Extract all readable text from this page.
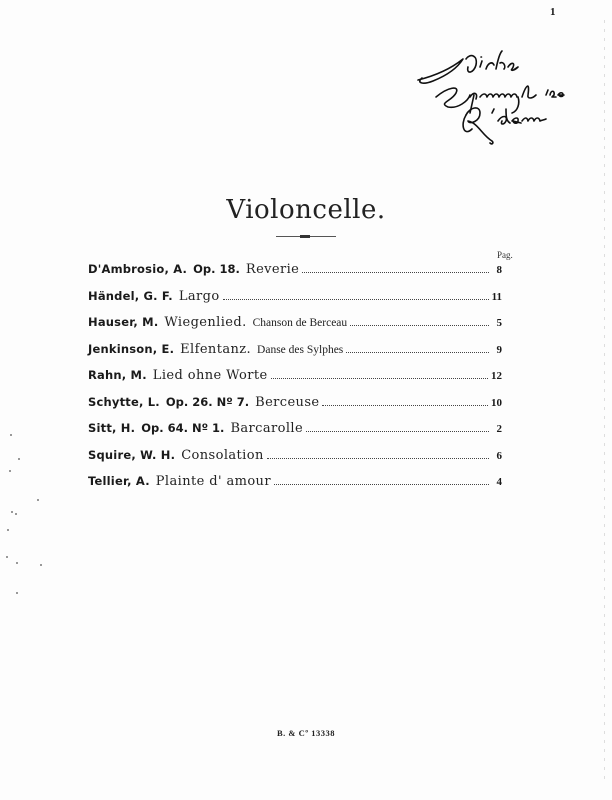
1
Violoncelle.
Pag.
D'Ambrosio, A. Op. 18. Reverie	8
Händel, G. F. Largo	11
Hauser, M. Wiegenlied. Chanson de Berceau	5
Jenkinson, E. Elfentanz. Danse des Sylphes	9
Rahn, M. Lied ohne Worte	12
Schytte, L. Op. 26. Nº 7. Berceuse	10
Sitt, H. Op. 64. Nº 1. Barcarolle	2
Squire, W. H. Consolation	6
Tellier, A. Plainte d' amour	4
B. & Cº 13338
